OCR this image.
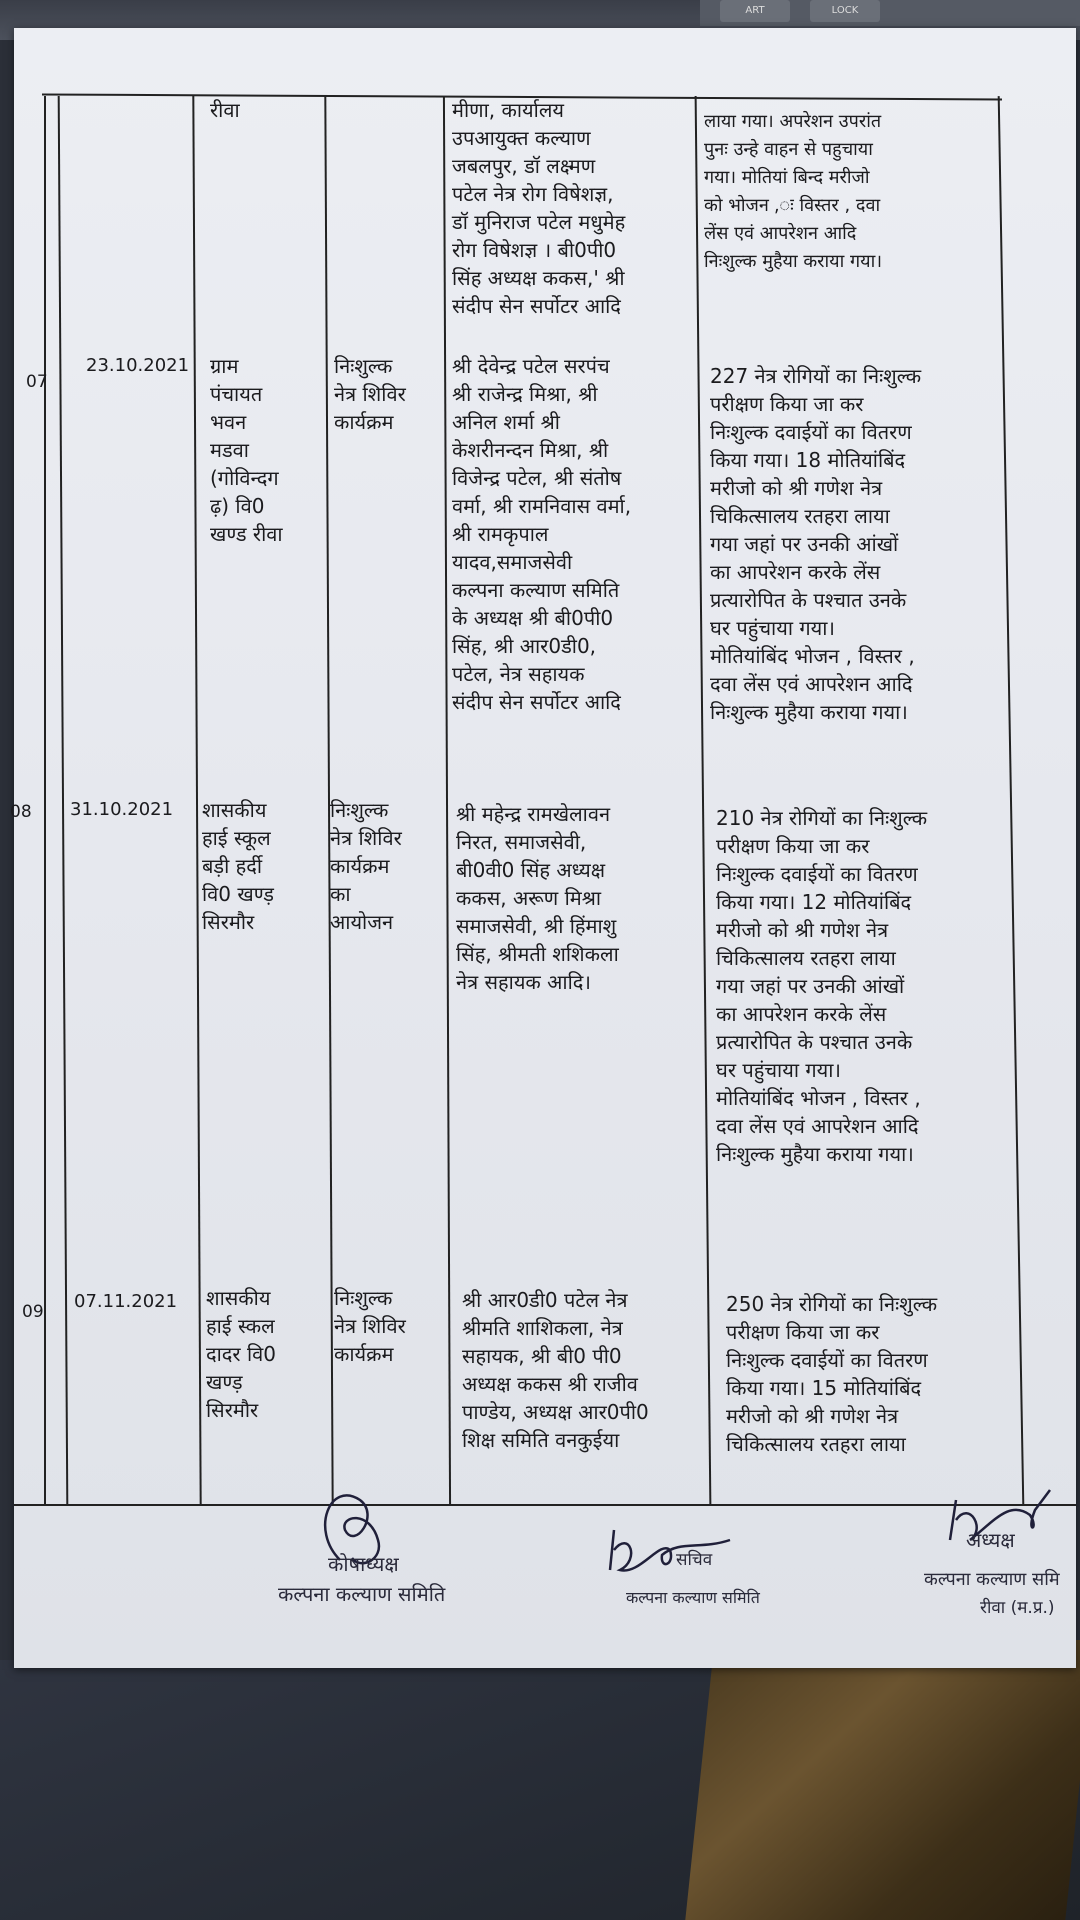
ART	LOCK
रीवा	मीणा, कार्यालय
उपआयुक्त कल्याण
जबलपुर, डॉ लक्ष्मण
पटेल नेत्र रोग विषेशज्ञ,
डॉ मुनिराज पटेल मधुमेह
रोग विषेशज्ञ । बी0पी0
सिंह अध्यक्ष ककस,' श्री
संदीप सेन सर्पोटर आदि
लाया गया। अपरेशन उपरांत
पुनः उन्हे वाहन से पहुचाया
गया। मोतियां बिन्द मरीजो
को भोजन ,ः विस्तर , दवा
लेंस एवं आपरेशन आदि
निःशुल्क मुहैया कराया गया।
07
23.10.2021 ग्राम
पंचायत
भवन
मडवा
(गोविन्दग
ढ़) वि0
खण्ड रीवा
निःशुल्क
नेत्र शिविर
कार्यक्रम
श्री देवेन्द्र पटेल सरपंच
श्री राजेन्द्र मिश्रा, श्री
अनिल शर्मा श्री
केशरीनन्दन मिश्रा, श्री
विजेन्द्र पटेल, श्री संतोष
वर्मा, श्री रामनिवास वर्मा,
श्री रामकृपाल
यादव,समाजसेवी
कल्पना कल्याण समिति
के अध्यक्ष श्री बी0पी0
सिंह, श्री आर0डी0,
पटेल, नेत्र सहायक
संदीप सेन सर्पोटर आदि
227 नेत्र रोगियों का निःशुल्क
परीक्षण किया जा कर
निःशुल्क दवाईयों का वितरण
किया गया। 18 मोतियांबिंद
मरीजो को श्री गणेश नेत्र
चिकित्सालय रतहरा लाया
गया जहां पर उनकी आंखों
का आपरेशन करके लेंस
प्रत्यारोपित के पश्चात उनके
घर पहुंचाया गया।
मोतियांबिंद भोजन , विस्तर ,
दवा लेंस एवं आपरेशन आदि
निःशुल्क मुहैया कराया गया।
08 31.10.2021 शासकीय
हाई स्कूल
बड़ी हर्दी
वि0 खण्ड़
सिरमौर
निःशुल्क
नेत्र शिविर
कार्यक्रम
का
आयोजन
श्री महेन्द्र रामखेलावन
निरत, समाजसेवी,
बी0वी0 सिंह अध्यक्ष
ककस, अरूण मिश्रा
समाजसेवी, श्री हिंमाशु
सिंह, श्रीमती शशिकला
नेत्र सहायक आदि।
210 नेत्र रोगियों का निःशुल्क
परीक्षण किया जा कर
निःशुल्क दवाईयों का वितरण
किया गया। 12 मोतियांबिंद
मरीजो को श्री गणेश नेत्र
चिकित्सालय रतहरा लाया
गया जहां पर उनकी आंखों
का आपरेशन करके लेंस
प्रत्यारोपित के पश्चात उनके
घर पहुंचाया गया।
मोतियांबिंद भोजन , विस्तर ,
दवा लेंस एवं आपरेशन आदि
निःशुल्क मुहैया कराया गया।
09 07.11.2021 शासकीय
हाई स्कल
दादर वि0
खण्ड़
सिरमौर
निःशुल्क
नेत्र शिविर
कार्यक्रम
श्री आर0डी0 पटेल नेत्र
श्रीमति शाशिकला, नेत्र
सहायक, श्री बी0 पी0
अध्यक्ष ककस श्री राजीव
पाण्डेय, अध्यक्ष आर0पी0
शिक्ष समिति वनकुईया
250 नेत्र रोगियों का निःशुल्क
परीक्षण किया जा कर
निःशुल्क दवाईयों का वितरण
किया गया। 15 मोतियांबिंद
मरीजो को श्री गणेश नेत्र
चिकित्सालय रतहरा लाया
कोषाध्यक्ष
कल्पना कल्याण समिति
सचिव
कल्पना कल्याण समिति
अध्यक्ष
कल्पना कल्याण समि
रीवा (म.प्र.)
